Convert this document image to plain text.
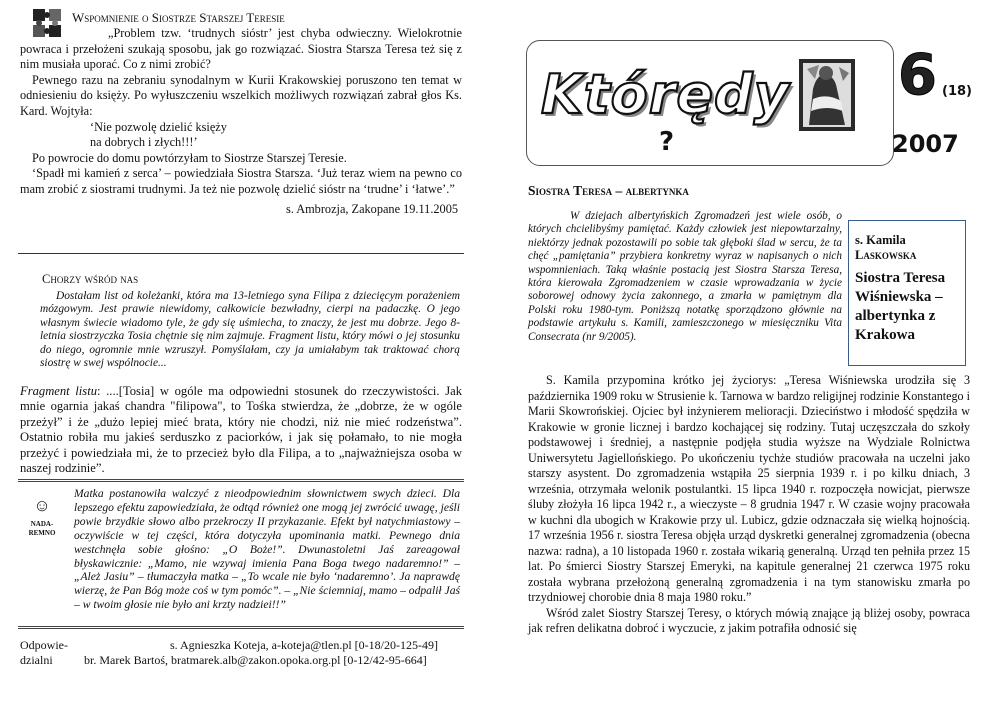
Wspomnienie o Siostrze Starszej Teresie

„Problem tzw. ‘trudnych sióstr’ jest chyba odwieczny. Wielokrotnie powraca i przełożeni szukają sposobu, jak go rozwiązać. Siostra Starsza Teresa też się z nim musiała uporać. Co z nimi zrobić?

Pewnego razu na zebraniu synodalnym w Kurii Krakowskiej poruszono ten temat w odniesieniu do księży. Po wyłuszczeniu wszelkich możliwych rozwiązań zabrał głos Ks. Kard. Wojtyła:

‘Nie pozwolę dzielić księży

na dobrych i złych!!!’

Po powrocie do domu powtórzyłam to Siostrze Starszej Teresie.

‘Spadł mi kamień z serca’ – powiedziała Siostra Starsza. ‘Już teraz wiem na pewno co mam zrobić z siostrami trudnymi. Ja też nie pozwolę dzielić sióstr na ‘trudne’ i ‘łatwe’.”

s. Ambrozja, Zakopane 19.11.2005

Chorzy wśród nas
Dostałam list od koleżanki, która ma 13-letniego syna Filipa z dziecięcym porażeniem mózgowym. Jest prawie niewidomy, całkowicie bezwładny, cierpi na padaczkę. O jego własnym świecie wiadomo tyle, że gdy się uśmiecha, to znaczy, że jest mu dobrze. Jego 8-letnia siostrzyczka Tosia chętnie się nim zajmuje. Fragment listu, który mówi o jej stosunku do niego, ogromnie mnie wzruszył. Pomyślałam, czy ja umiałabym tak traktować chorą siostrę w swej wspólnocie...
Fragment listu: ....[Tosia] w ogóle ma odpowiedni stosunek do rzeczywistości. Jak mnie ogarnia jakaś chandra "filipowa", to Tośka stwierdza, że „dobrze, że w ogóle przeżył” i że „dużo lepiej mieć brata, który nie chodzi, niż nie mieć rodzeństwa”. Ostatnio robiła mu jakieś serduszko z paciorków, i jak się połamało, to nie mogła przeżyć i powiedziała mi, że to przecież było dla Filipa, a to „najważniejsza osoba w naszej rodzinie”.
☺
NADA-
REMNO
Matka postanowiła walczyć z nieodpowiednim słownictwem swych dzieci. Dla lepszego efektu zapowiedziała, że odtąd również one mogą jej zwrócić uwagę, jeśli powie brzydkie słowo albo przekroczy II przykazanie. Efekt był natychmiastowy – oczywiście w tej części, która dotyczyła upominania matki. Pewnego dnia westchnęła sobie głośno: „O Boże!”. Dwunastoletni Jaś zareagował błyskawicznie: „Mamo, nie wzywaj imienia Pana Boga twego nadaremno!” – „Ależ Jasiu” – tłumaczyła matka – „To wcale nie było ‘nadaremno’. Ja naprawdę wierzę, że Pan Bóg może coś w tym pomóc”. – „Nie ściemniaj, mamo – odpalił Jaś – w twoim głosie nie było ani krzty nadziei!!”
Odpowie-
dzialni
s. Agnieszka Koteja, a-koteja@tlen.pl [0-18/20-125-49]
br. Marek Bartoś, bratmarek.alb@zakon.opoka.org.pl [0-12/42-95-664]
Którędy
?
6 (18)
2007
Siostra Teresa – albertynka
W dziejach albertyńskich Zgromadzeń jest wiele osób, o których chcielibyśmy pamiętać. Każdy człowiek jest niepowtarzalny, niektórzy jednak pozostawili po sobie tak głęboki ślad w sercu, że ta chęć „pamiętania” przybiera konkretny wyraz w napisanych o nich wspomnieniach. Taką właśnie postacią jest Siostra Starsza Teresa, która kierowała Zgromadzeniem w czasie wprowadzania w życie soborowej odnowy życia zakonnego, a zmarła w pamiętnym dla Polski roku 1980-tym. Poniższą notatkę sporządzono głównie na podstawie artykułu s. Kamili, zamieszczonego w miesięczniku Vita Consecrata (nr 9/2005).
s. Kamila
Laskowska
Siostra Teresa Wiśniewska – albertynka z Krakowa

S. Kamila przypomina krótko jej życiorys: „Teresa Wiśniewska urodziła się 3 października 1909 roku w Strusienie k. Tarnowa w bardzo religijnej rodzinie Konstantego i Marii Skowrońskiej. Ojciec był inżynierem melioracji. Dzieciństwo i młodość spędziła w Krakowie w gronie licznej i bardzo kochającej się rodziny. Tutaj uczęszczała do szkoły podstawowej i średniej, a następnie podjęła studia wyższe na Wydziale Rolnictwa Uniwersytetu Jagiellońskiego. Po ukończeniu tychże studiów pracowała na uczelni jako starszy asystent. Do zgromadzenia wstąpiła 25 sierpnia 1939 r. i po kilku dniach, 3 września, otrzymała welonik postulantki. 15 lipca 1940 r. rozpoczęła nowicjat, pierwsze śluby złożyła 16 lipca 1942 r., a wieczyste – 8 grudnia 1947 r. W czasie wojny pracowała w kuchni dla ubogich w Krakowie przy ul. Lubicz, gdzie odznaczała się wielką hojnością. 17 września 1956 r. siostra Teresa objęła urząd dyskretki generalnej zgromadzenia (obecna nazwa: radna), a 10 listopada 1960 r. została wikarią generalną. Urząd ten pełniła przez 15 lat. Po śmierci Siostry Starszej Emeryki, na kapitule generalnej 21 czerwca 1975 roku została wybrana przełożoną generalną zgromadzenia i na tym stanowisku zmarła po trzydniowej chorobie dnia 8 maja 1980 roku.”

Wśród zalet Siostry Starszej Teresy, o których mówią znające ją bliżej osoby, powraca jak refren delikatna dobroć i wyczucie, z jakim potrafiła odnosić się
